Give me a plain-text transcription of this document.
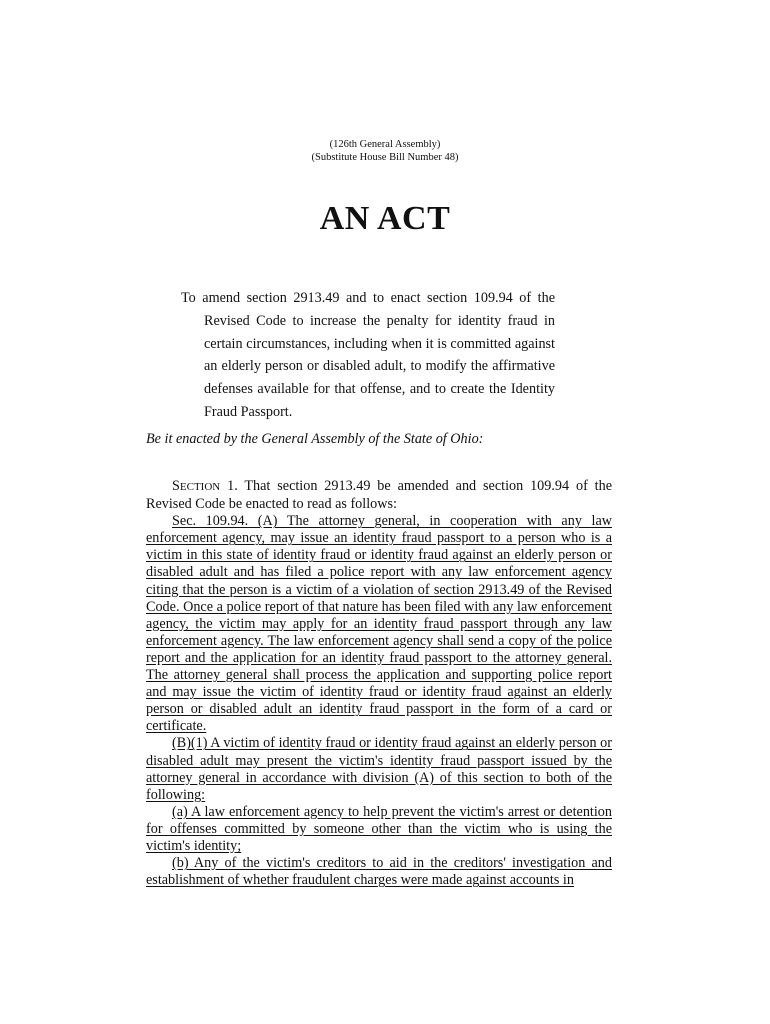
(126th General Assembly)
(Substitute House Bill Number 48)
AN ACT
To amend section 2913.49 and to enact section 109.94 of the Revised Code to increase the penalty for identity fraud in certain circumstances, including when it is committed against an elderly person or disabled adult, to modify the affirmative defenses available for that offense, and to create the Identity Fraud Passport.
Be it enacted by the General Assembly of the State of Ohio:

SECTION 1. That section 2913.49 be amended and section 109.94 of the Revised Code be enacted to read as follows:

Sec. 109.94. (A) The attorney general, in cooperation with any law enforcement agency, may issue an identity fraud passport to a person who is a victim in this state of identity fraud or identity fraud against an elderly person or disabled adult and has filed a police report with any law enforcement agency citing that the person is a victim of a violation of section 2913.49 of the Revised Code. Once a police report of that nature has been filed with any law enforcement agency, the victim may apply for an identity fraud passport through any law enforcement agency. The law enforcement agency shall send a copy of the police report and the application for an identity fraud passport to the attorney general. The attorney general shall process the application and supporting police report and may issue the victim of identity fraud or identity fraud against an elderly person or disabled adult an identity fraud passport in the form of a card or certificate.

(B)(1) A victim of identity fraud or identity fraud against an elderly person or disabled adult may present the victim's identity fraud passport issued by the attorney general in accordance with division (A) of this section to both of the following:

(a) A law enforcement agency to help prevent the victim's arrest or detention for offenses committed by someone other than the victim who is using the victim's identity;

(b) Any of the victim's creditors to aid in the creditors' investigation and establishment of whether fraudulent charges were made against accounts in
